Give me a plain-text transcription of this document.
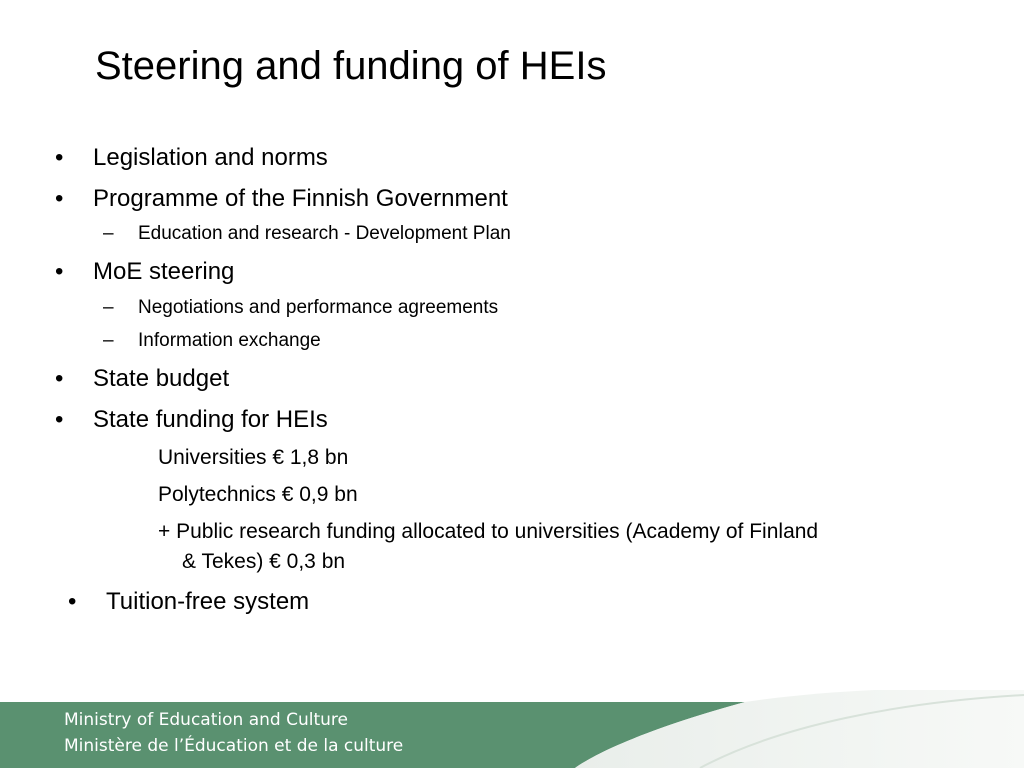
Steering and funding of HEIs
• Legislation and norms
• Programme of the Finnish Government
– Education and research - Development Plan
• MoE steering
– Negotiations and performance agreements
– Information exchange
• State budget
• State funding for HEIs
Universities € 1,8 bn
Polytechnics € 0,9 bn
+ Public research funding allocated to universities (Academy of Finland
& Tekes) € 0,3 bn
• Tuition-free system
Ministry of Education and Culture
Ministère de l’Éducation et de la culture
